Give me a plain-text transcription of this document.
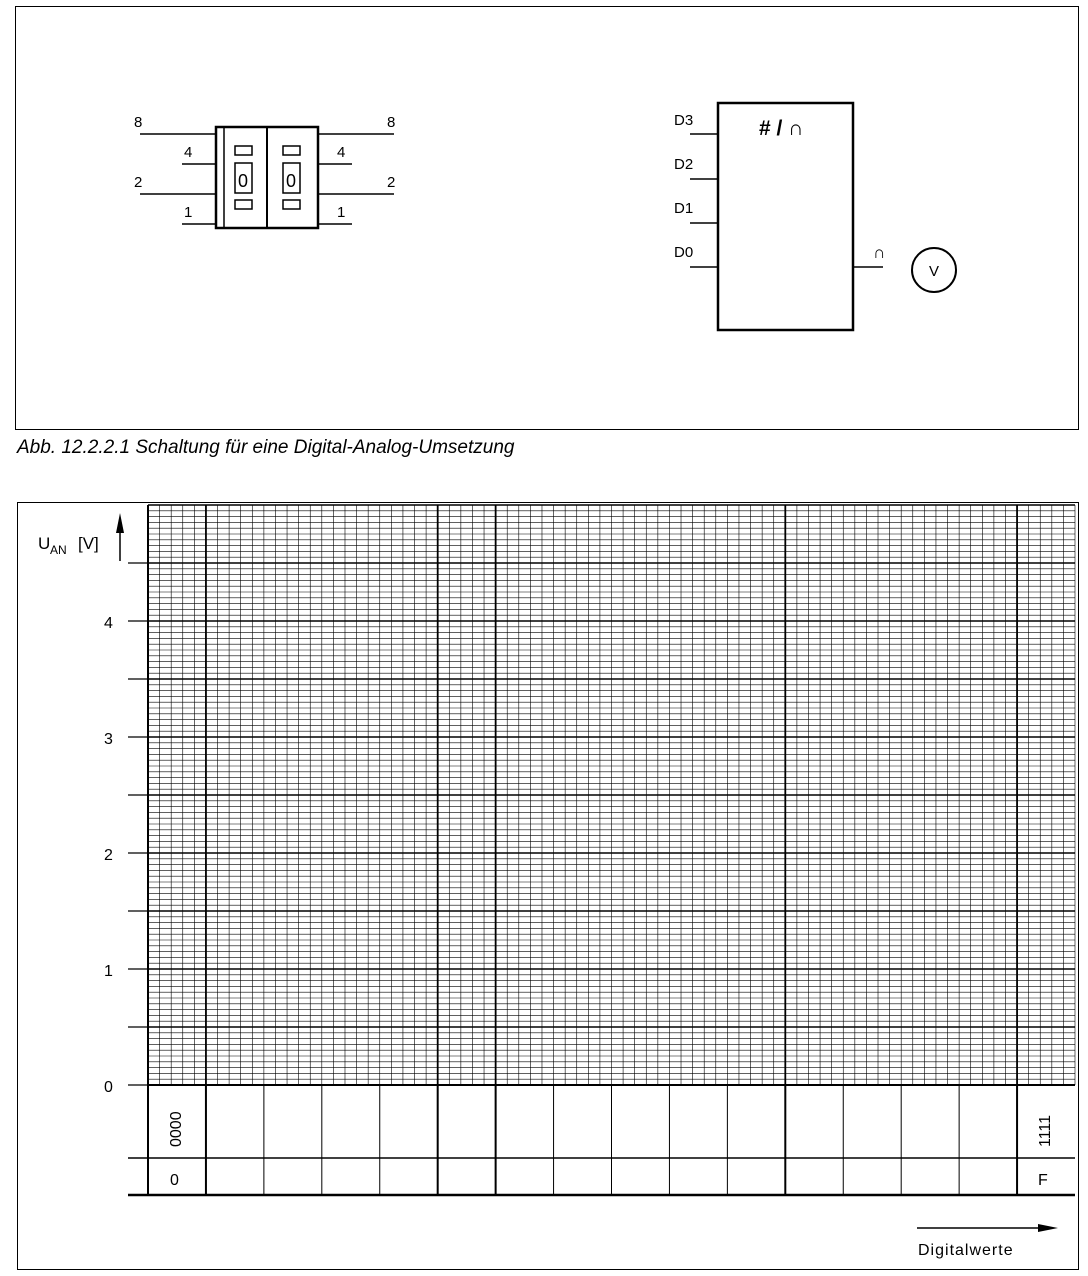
8
4
2
1
8
4
2
1
0 0
# / ∩
D3
D2
D1
D0	∩
V
Abb. 12.2.2.1 Schaltung für eine Digital-Analog-Umsetzung
U AN [V]
0
1
2
3
4
0000	1111
0	F
Digitalwerte
